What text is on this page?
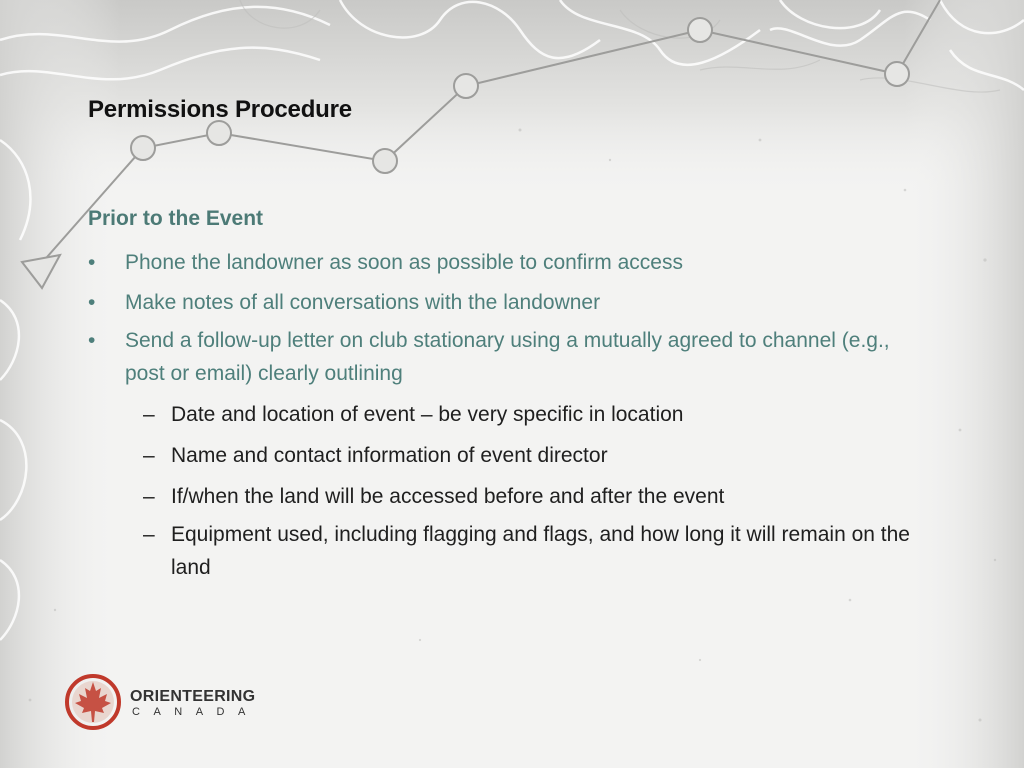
Permissions Procedure
Prior to the Event
• Phone the landowner as soon as possible to confirm access
• Make notes of all conversations with the landowner
• Send a follow-up letter on club stationary using a mutually agreed to channel (e.g., post or email) clearly outlining
– Date and location of event – be very specific in location
– Name and contact information of event director
– If/when the land will be accessed before and after the event
– Equipment used, including flagging and flags, and how long it will remain on the land
ORIENTEERING
CANADA
